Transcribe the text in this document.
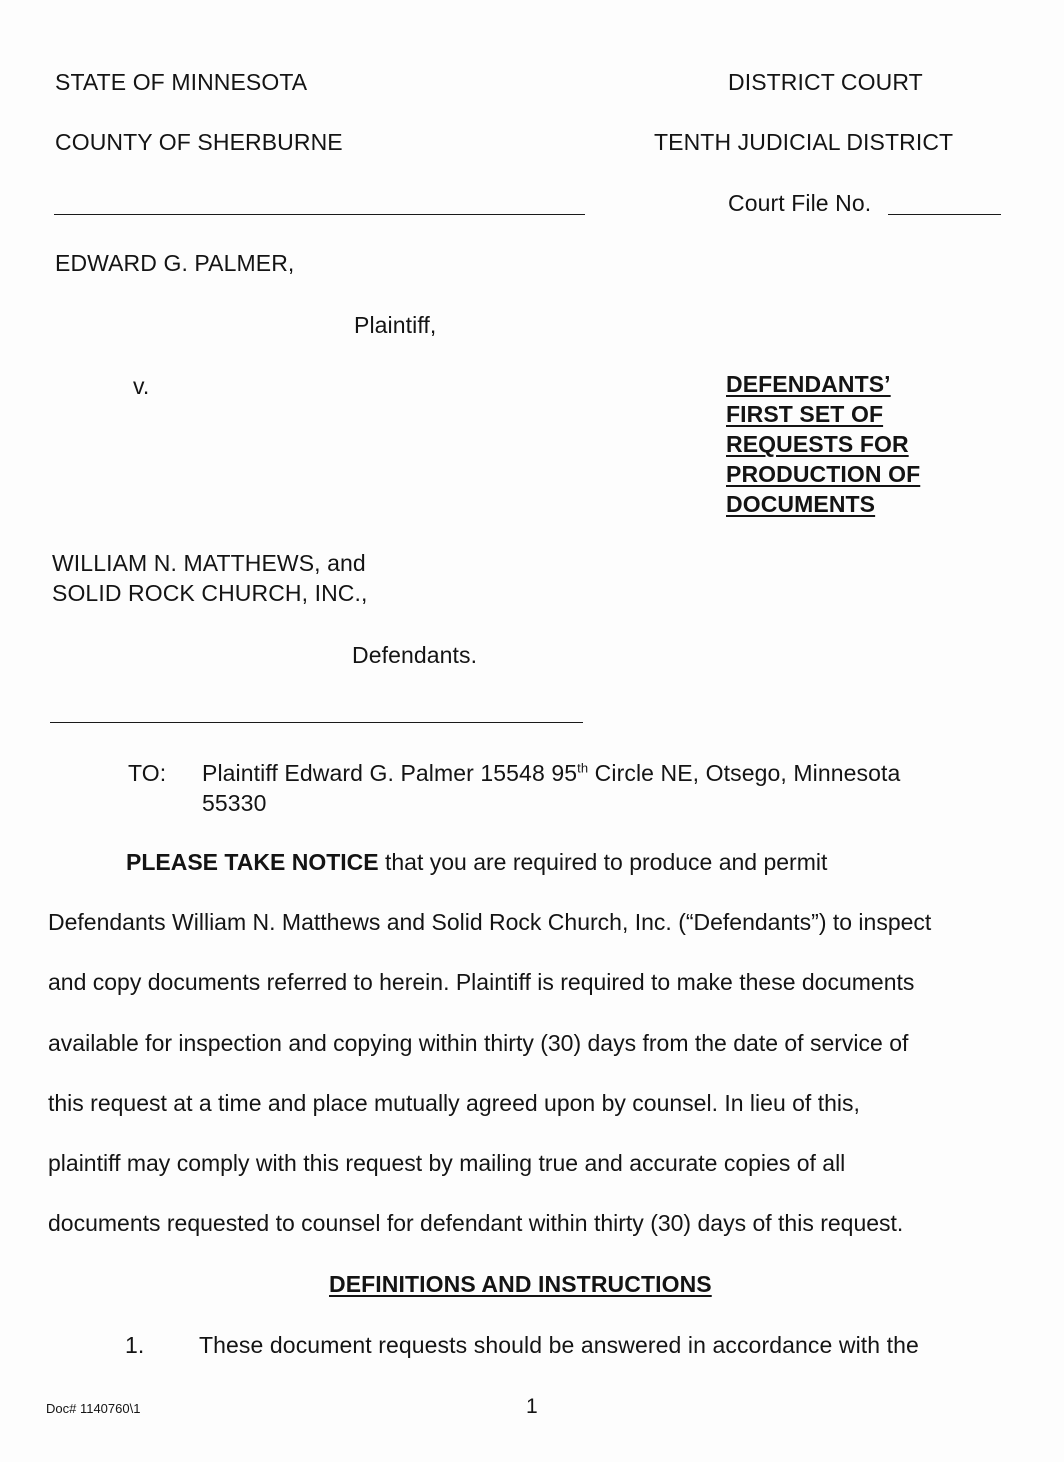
STATE OF MINNESOTA	DISTRICT COURT
COUNTY OF SHERBURNE	TENTH JUDICIAL DISTRICT
Court File No.
EDWARD G. PALMER,
Plaintiff,
v.	DEFENDANTS’
FIRST SET OF
REQUESTS FOR
PRODUCTION OF
DOCUMENTS
WILLIAM N. MATTHEWS, and
SOLID ROCK CHURCH, INC.,
Defendants.
TO: Plaintiff Edward G. Palmer 15548 95th Circle NE, Otsego, Minnesota
55330
PLEASE TAKE NOTICE that you are required to produce and permit
Defendants William N. Matthews and Solid Rock Church, Inc. (“Defendants”) to inspect
and copy documents referred to herein. Plaintiff is required to make these documents
available for inspection and copying within thirty (30) days from the date of service of
this request at a time and place mutually agreed upon by counsel. In lieu of this,
plaintiff may comply with this request by mailing true and accurate copies of all
documents requested to counsel for defendant within thirty (30) days of this request.
DEFINITIONS AND INSTRUCTIONS
1. These document requests should be answered in accordance with the
Doc# 1140760\1	1
